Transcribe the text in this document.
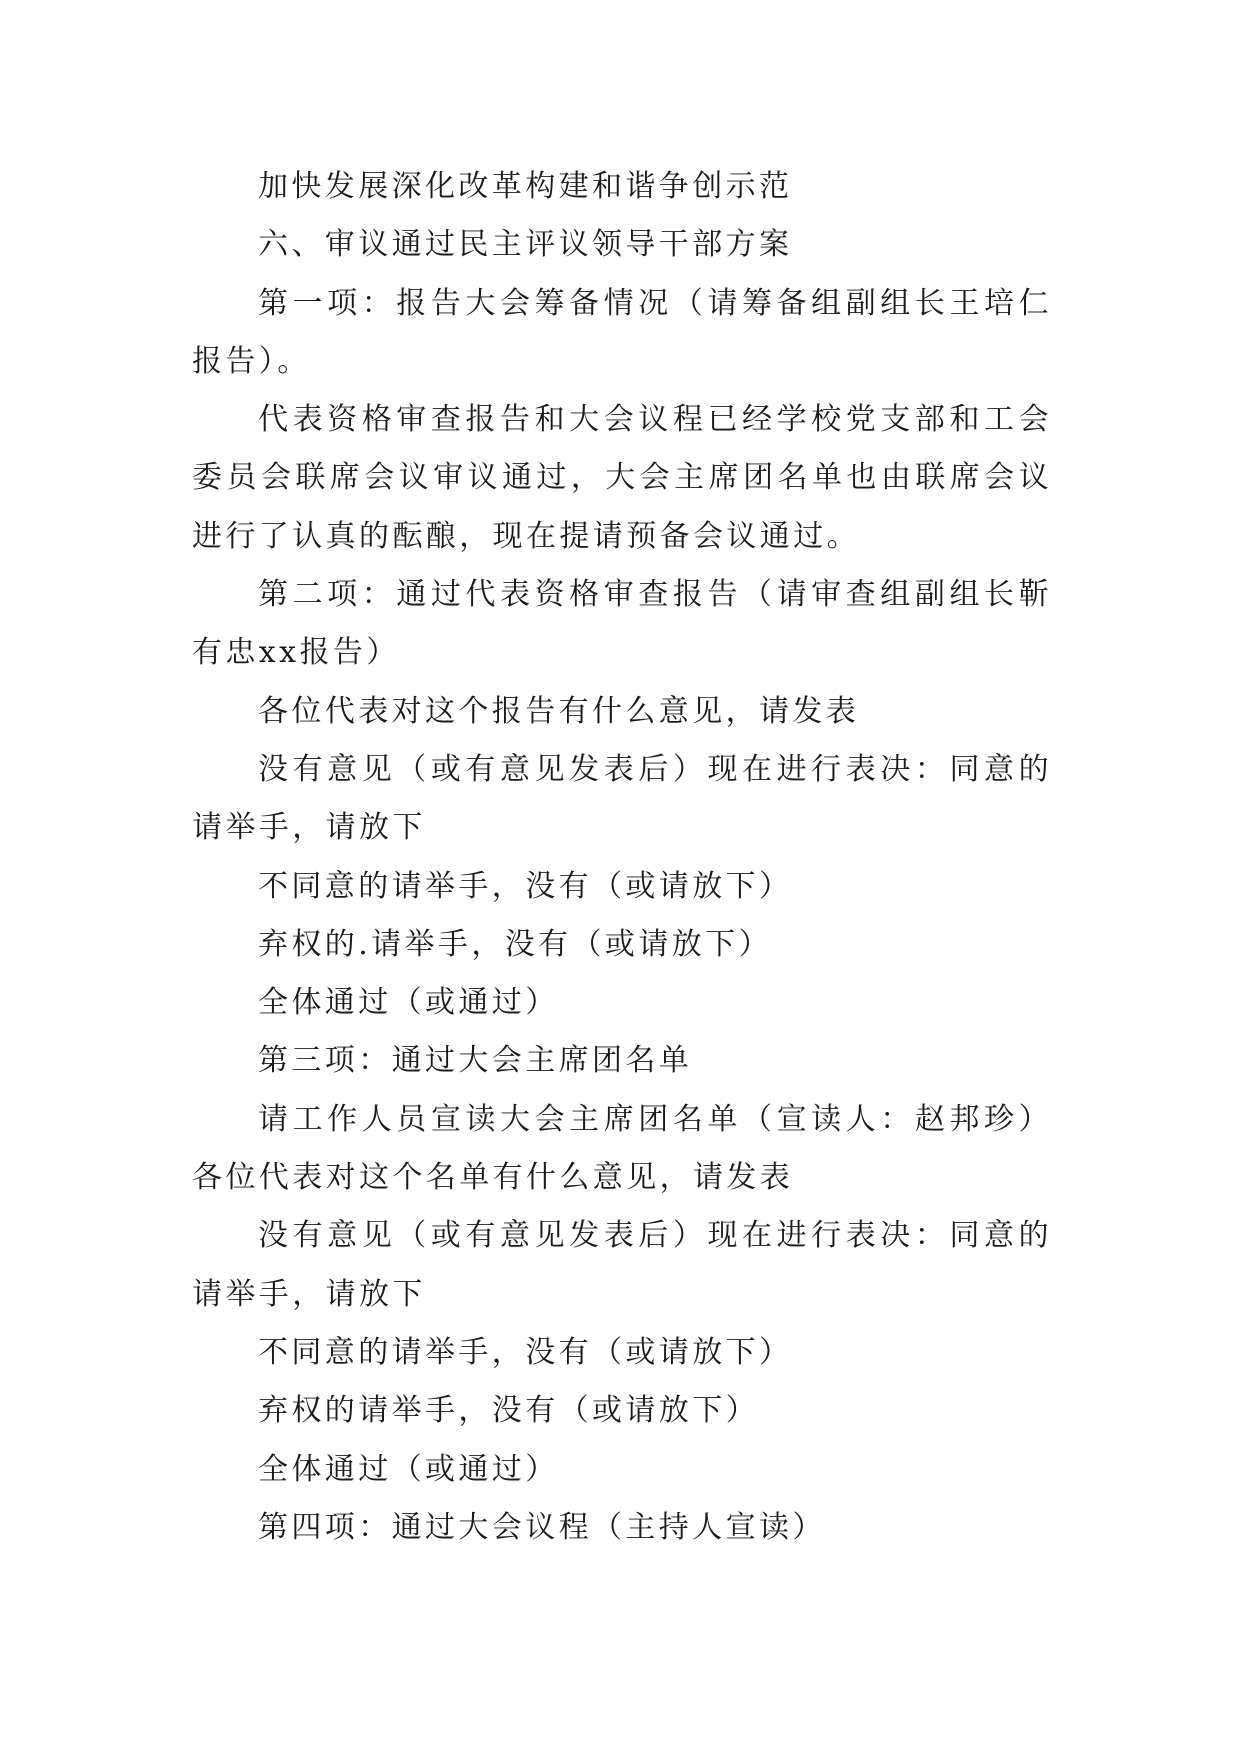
加快发展深化改革构建和谐争创示范

六、审议通过民主评议领导干部方案

第一项：报告大会筹备情况（请筹备组副组长王培仁报告）。

代表资格审查报告和大会议程已经学校党支部和工会委员会联席会议审议通过，大会主席团名单也由联席会议进行了认真的酝酿，现在提请预备会议通过。

第二项：通过代表资格审查报告（请审查组副组长靳有忠xx报告）

各位代表对这个报告有什么意见，请发表

没有意见（或有意见发表后）现在进行表决：同意的请举手，请放下

不同意的请举手，没有（或请放下）

弃权的.请举手，没有（或请放下）

全体通过（或通过）

第三项：通过大会主席团名单

请工作人员宣读大会主席团名单（宣读人：赵邦珍）各位代表对这个名单有什么意见，请发表

没有意见（或有意见发表后）现在进行表决：同意的请举手，请放下

不同意的请举手，没有（或请放下）

弃权的请举手，没有（或请放下）

全体通过（或通过）

第四项：通过大会议程（主持人宣读）
